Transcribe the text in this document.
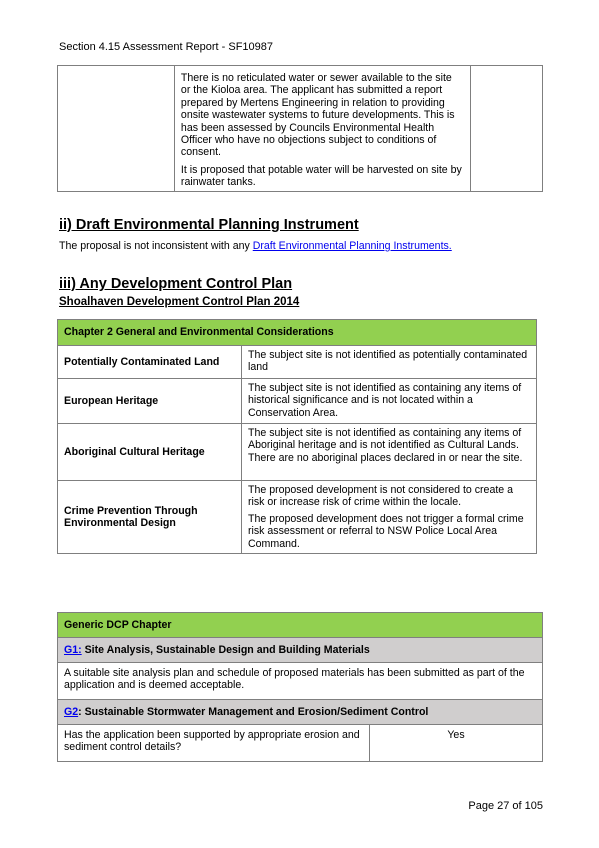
Section 4.15 Assessment Report - SF10987

There is no reticulated water or sewer available to the site or the Kioloa area. The applicant has submitted a report prepared by Mertens Engineering in relation to providing onsite wastewater systems to future developments. This is has been assessed by Councils Environmental Health Officer who have no objections subject to conditions of consent.

It is proposed that potable water will be harvested on site by rainwater tanks.

ii) Draft Environmental Planning Instrument
The proposal is not inconsistent with any Draft Environmental Planning Instruments.
iii) Any Development Control Plan
Shoalhaven Development Control Plan 2014
Chapter 2 General and Environmental Considerations	
Potentially Contaminated Land	The subject site is not identified as potentially contaminated land

European Heritage	The subject site is not identified as containing any items of historical significance and is not located within a Conservation Area.

Aboriginal Cultural Heritage	The subject site is not identified as containing any items of Aboriginal heritage and is not identified as Cultural Lands. There are no aboriginal places declared in or near the site.

Crime Prevention Through Environmental Design	The proposed development is not considered to create a risk or increase risk of crime within the locale.

The proposed development does not trigger a formal crime risk assessment or referral to NSW Police Local Area Command.

Generic DCP Chapter
G1: Site Analysis, Sustainable Design and Building Materials
A suitable site analysis plan and schedule of proposed materials has been submitted as part of the application and is deemed acceptable.
G2: Sustainable Stormwater Management and Erosion/Sediment Control
Has the application been supported by appropriate erosion and sediment control details?	Yes
Page 27 of 105
